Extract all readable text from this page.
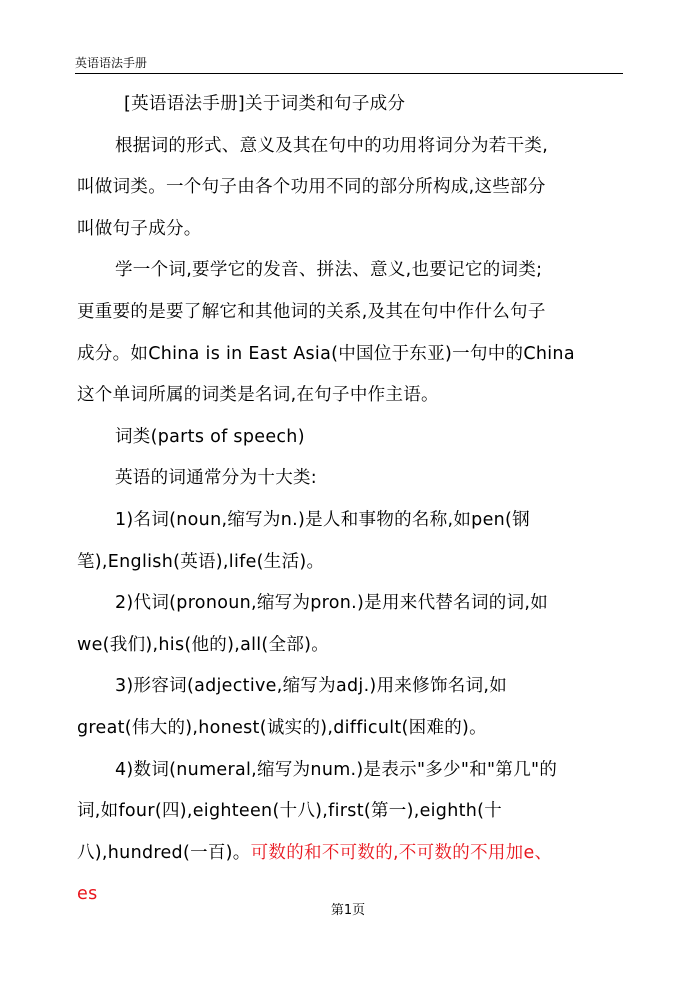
英语语法手册
[英语语法手册]关于词类和句子成分
根据词的形式、意义及其在句中的功用将词分为若干类,
叫做词类。一个句子由各个功用不同的部分所构成,这些部分
叫做句子成分。
学一个词,要学它的发音、拼法、意义,也要记它的词类;
更重要的是要了解它和其他词的关系,及其在句中作什么句子
成分。如China is in East Asia(中国位于东亚)一句中的China
这个单词所属的词类是名词,在句子中作主语。
词类(parts of speech)
英语的词通常分为十大类:
1)名词(noun,缩写为n.)是人和事物的名称,如pen(钢
笔),English(英语),life(生活)。
2)代词(pronoun,缩写为pron.)是用来代替名词的词,如
we(我们),his(他的),all(全部)。
3)形容词(adjective,缩写为adj.)用来修饰名词,如
great(伟大的),honest(诚实的),difficult(困难的)。
4)数词(numeral,缩写为num.)是表示"多少"和"第几"的
词,如four(四),eighteen(十八),first(第一),eighth(十
八),hundred(一百)。可数的和不可数的,不可数的不用加e、
es
第1页
